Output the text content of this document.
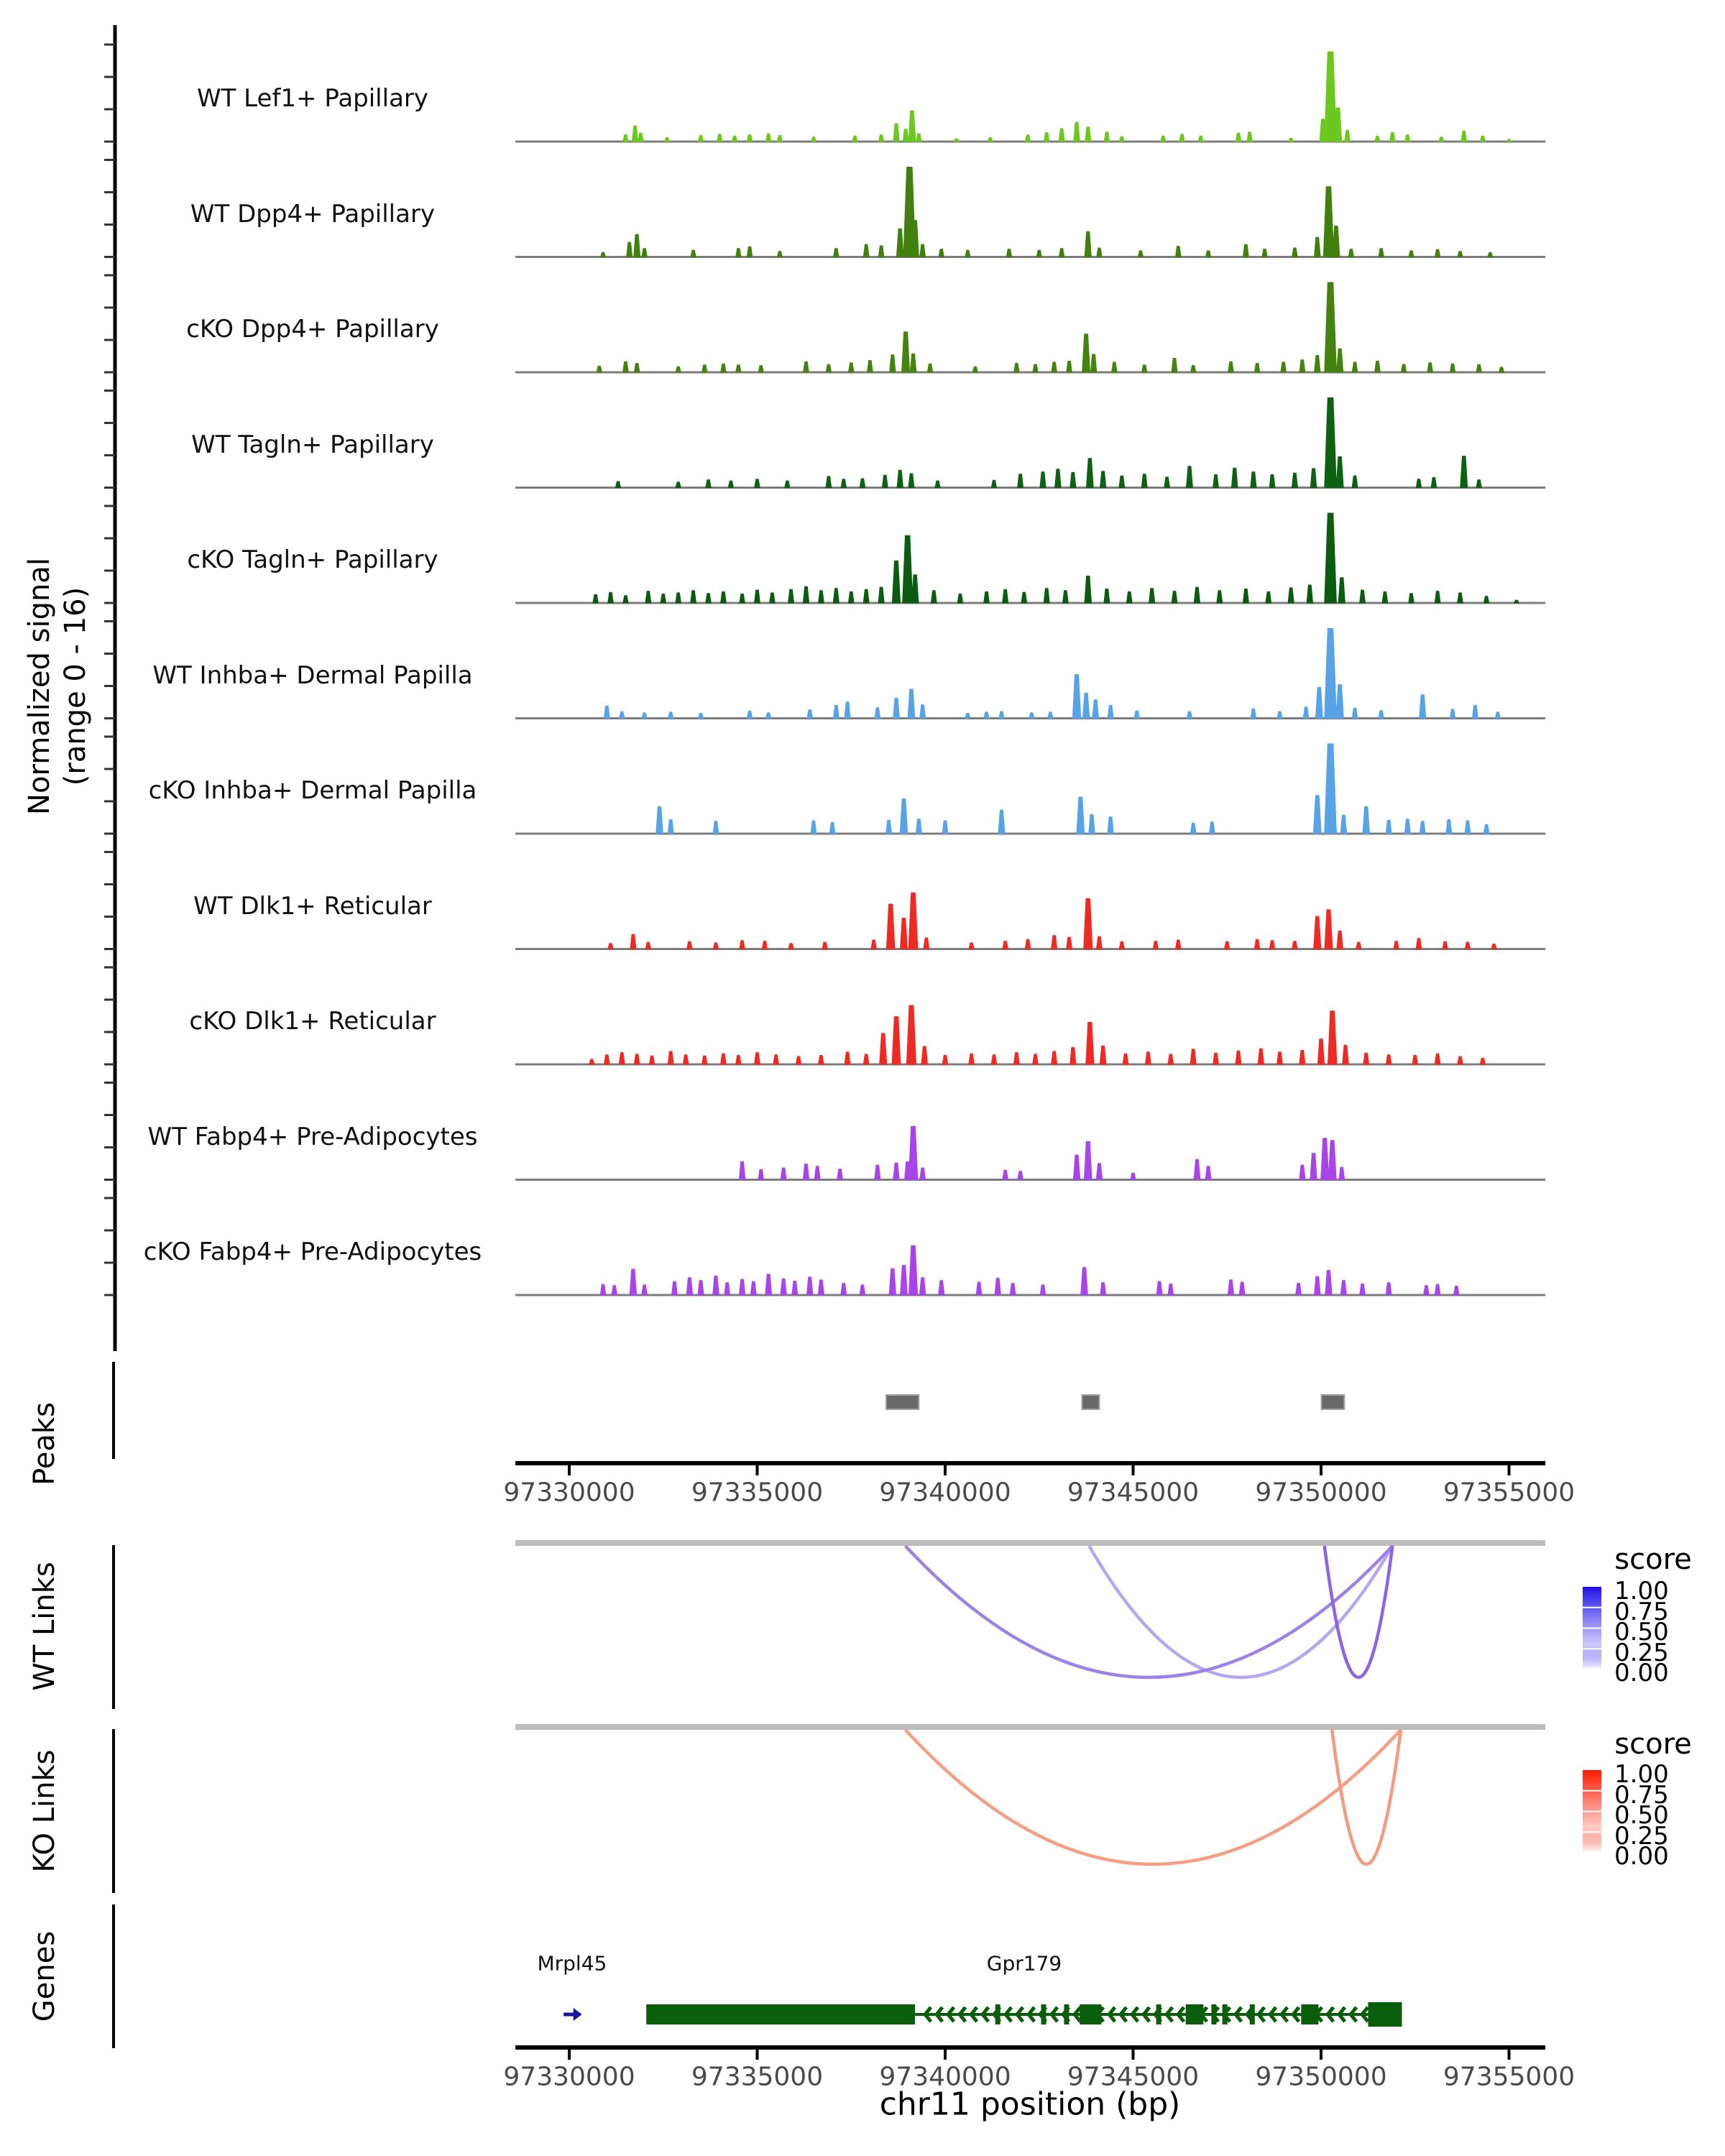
Normalized signal (range 0 - 16)
Peaks
WT Links
KO Links
Genes
WT Lef1+ Papillary
WT Dpp4+ Papillary
cKO Dpp4+ Papillary
WT Tagln+ Papillary
cKO Tagln+ Papillary
WT Inhba+ Dermal Papilla
cKO Inhba+ Dermal Papilla
WT Dlk1+ Reticular
cKO Dlk1+ Reticular
WT Fabp4+ Pre-Adipocytes
cKO Fabp4+ Pre-Adipocytes
97330000 97335000 97340000 97345000 97350000 97355000
97330000 97335000 97340000 97345000 97350000 97355000
score
score
1.00
0.75
0.50
0.25
0.00
1.00
0.75
0.50
0.25
0.00
Mrpl45	Gpr179
chr11 position (bp)
